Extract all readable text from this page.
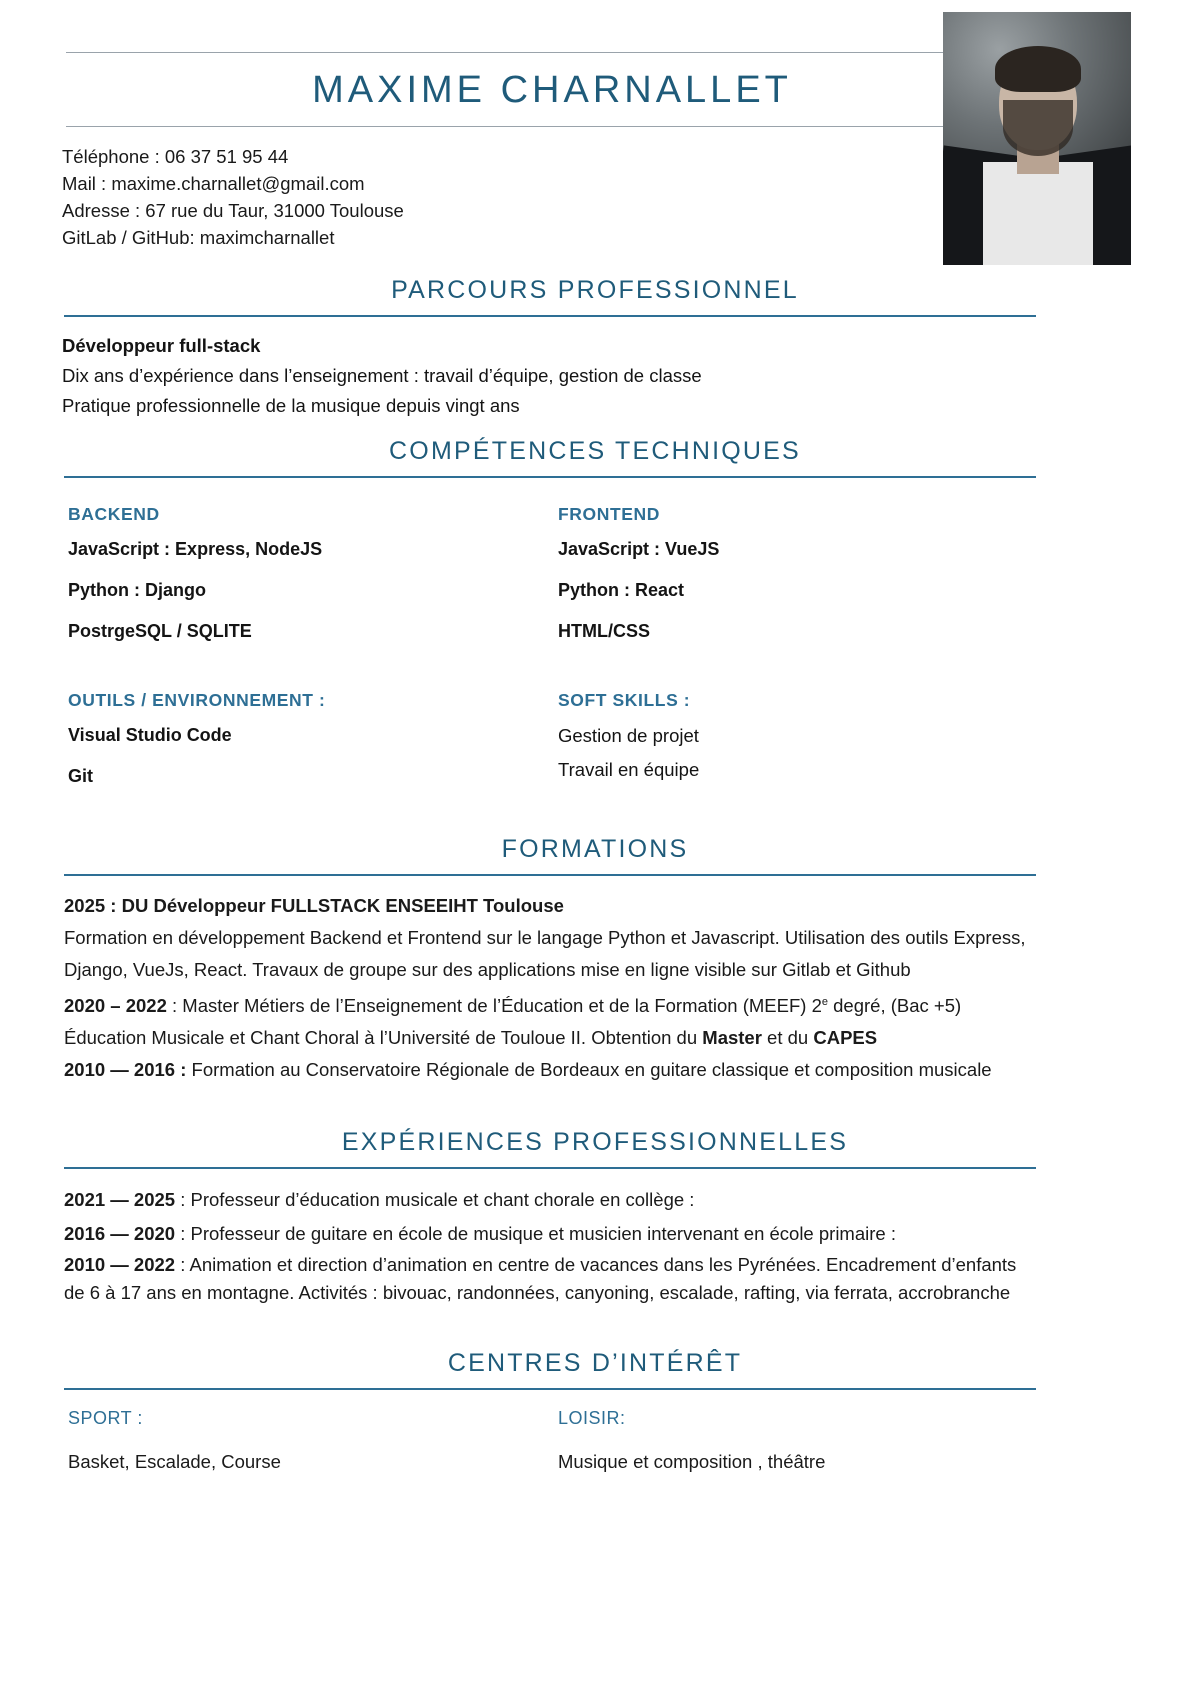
MAXIME CHARNALLET
Téléphone : 06 37 51 95 44
Mail : maxime.charnallet@gmail.com
Adresse : 67 rue du Taur, 31000 Toulouse
GitLab / GitHub: maximcharnallet
PARCOURS PROFESSIONNEL
Développeur full-stack
Dix ans d’expérience dans l’enseignement : travail d’équipe, gestion de classe
Pratique professionnelle de la musique depuis vingt ans
COMPÉTENCES TECHNIQUES
BACKEND
JavaScript : Express, NodeJS
Python : Django
PostrgeSQL / SQLITE
FRONTEND
JavaScript : VueJS
Python : React
HTML/CSS
OUTILS / ENVIRONNEMENT :
Visual Studio Code
Git
SOFT SKILLS :
Gestion de projet
Travail en équipe
FORMATIONS
2025 : DU Développeur FULLSTACK ENSEEIHT Toulouse
Formation en développement Backend et Frontend sur le langage Python et Javascript. Utilisation des outils Express,
Django, VueJs, React. Travaux de groupe sur des applications mise en ligne visible sur Gitlab et Github
2020 – 2022 : Master Métiers de l’Enseignement de l’Éducation et de la Formation (MEEF) 2e degré, (Bac +5)
Éducation Musicale et Chant Choral à l’Université de Touloue II. Obtention du Master et du CAPES
2010 — 2016 : Formation au Conservatoire Régionale de Bordeaux en guitare classique et composition musicale
EXPÉRIENCES PROFESSIONNELLES
2021 — 2025 : Professeur d’éducation musicale et chant chorale en collège :
2016 — 2020 : Professeur de guitare en école de musique et musicien intervenant en école primaire :
2010 — 2022 : Animation et direction d’animation en centre de vacances dans les Pyrénées. Encadrement d’enfants
de 6 à 17 ans en montagne. Activités : bivouac, randonnées, canyoning, escalade, rafting, via ferrata, accrobranche
CENTRES D’INTÉRÊT
SPORT :
Basket, Escalade, Course
LOISIR:
Musique et composition , théâtre
